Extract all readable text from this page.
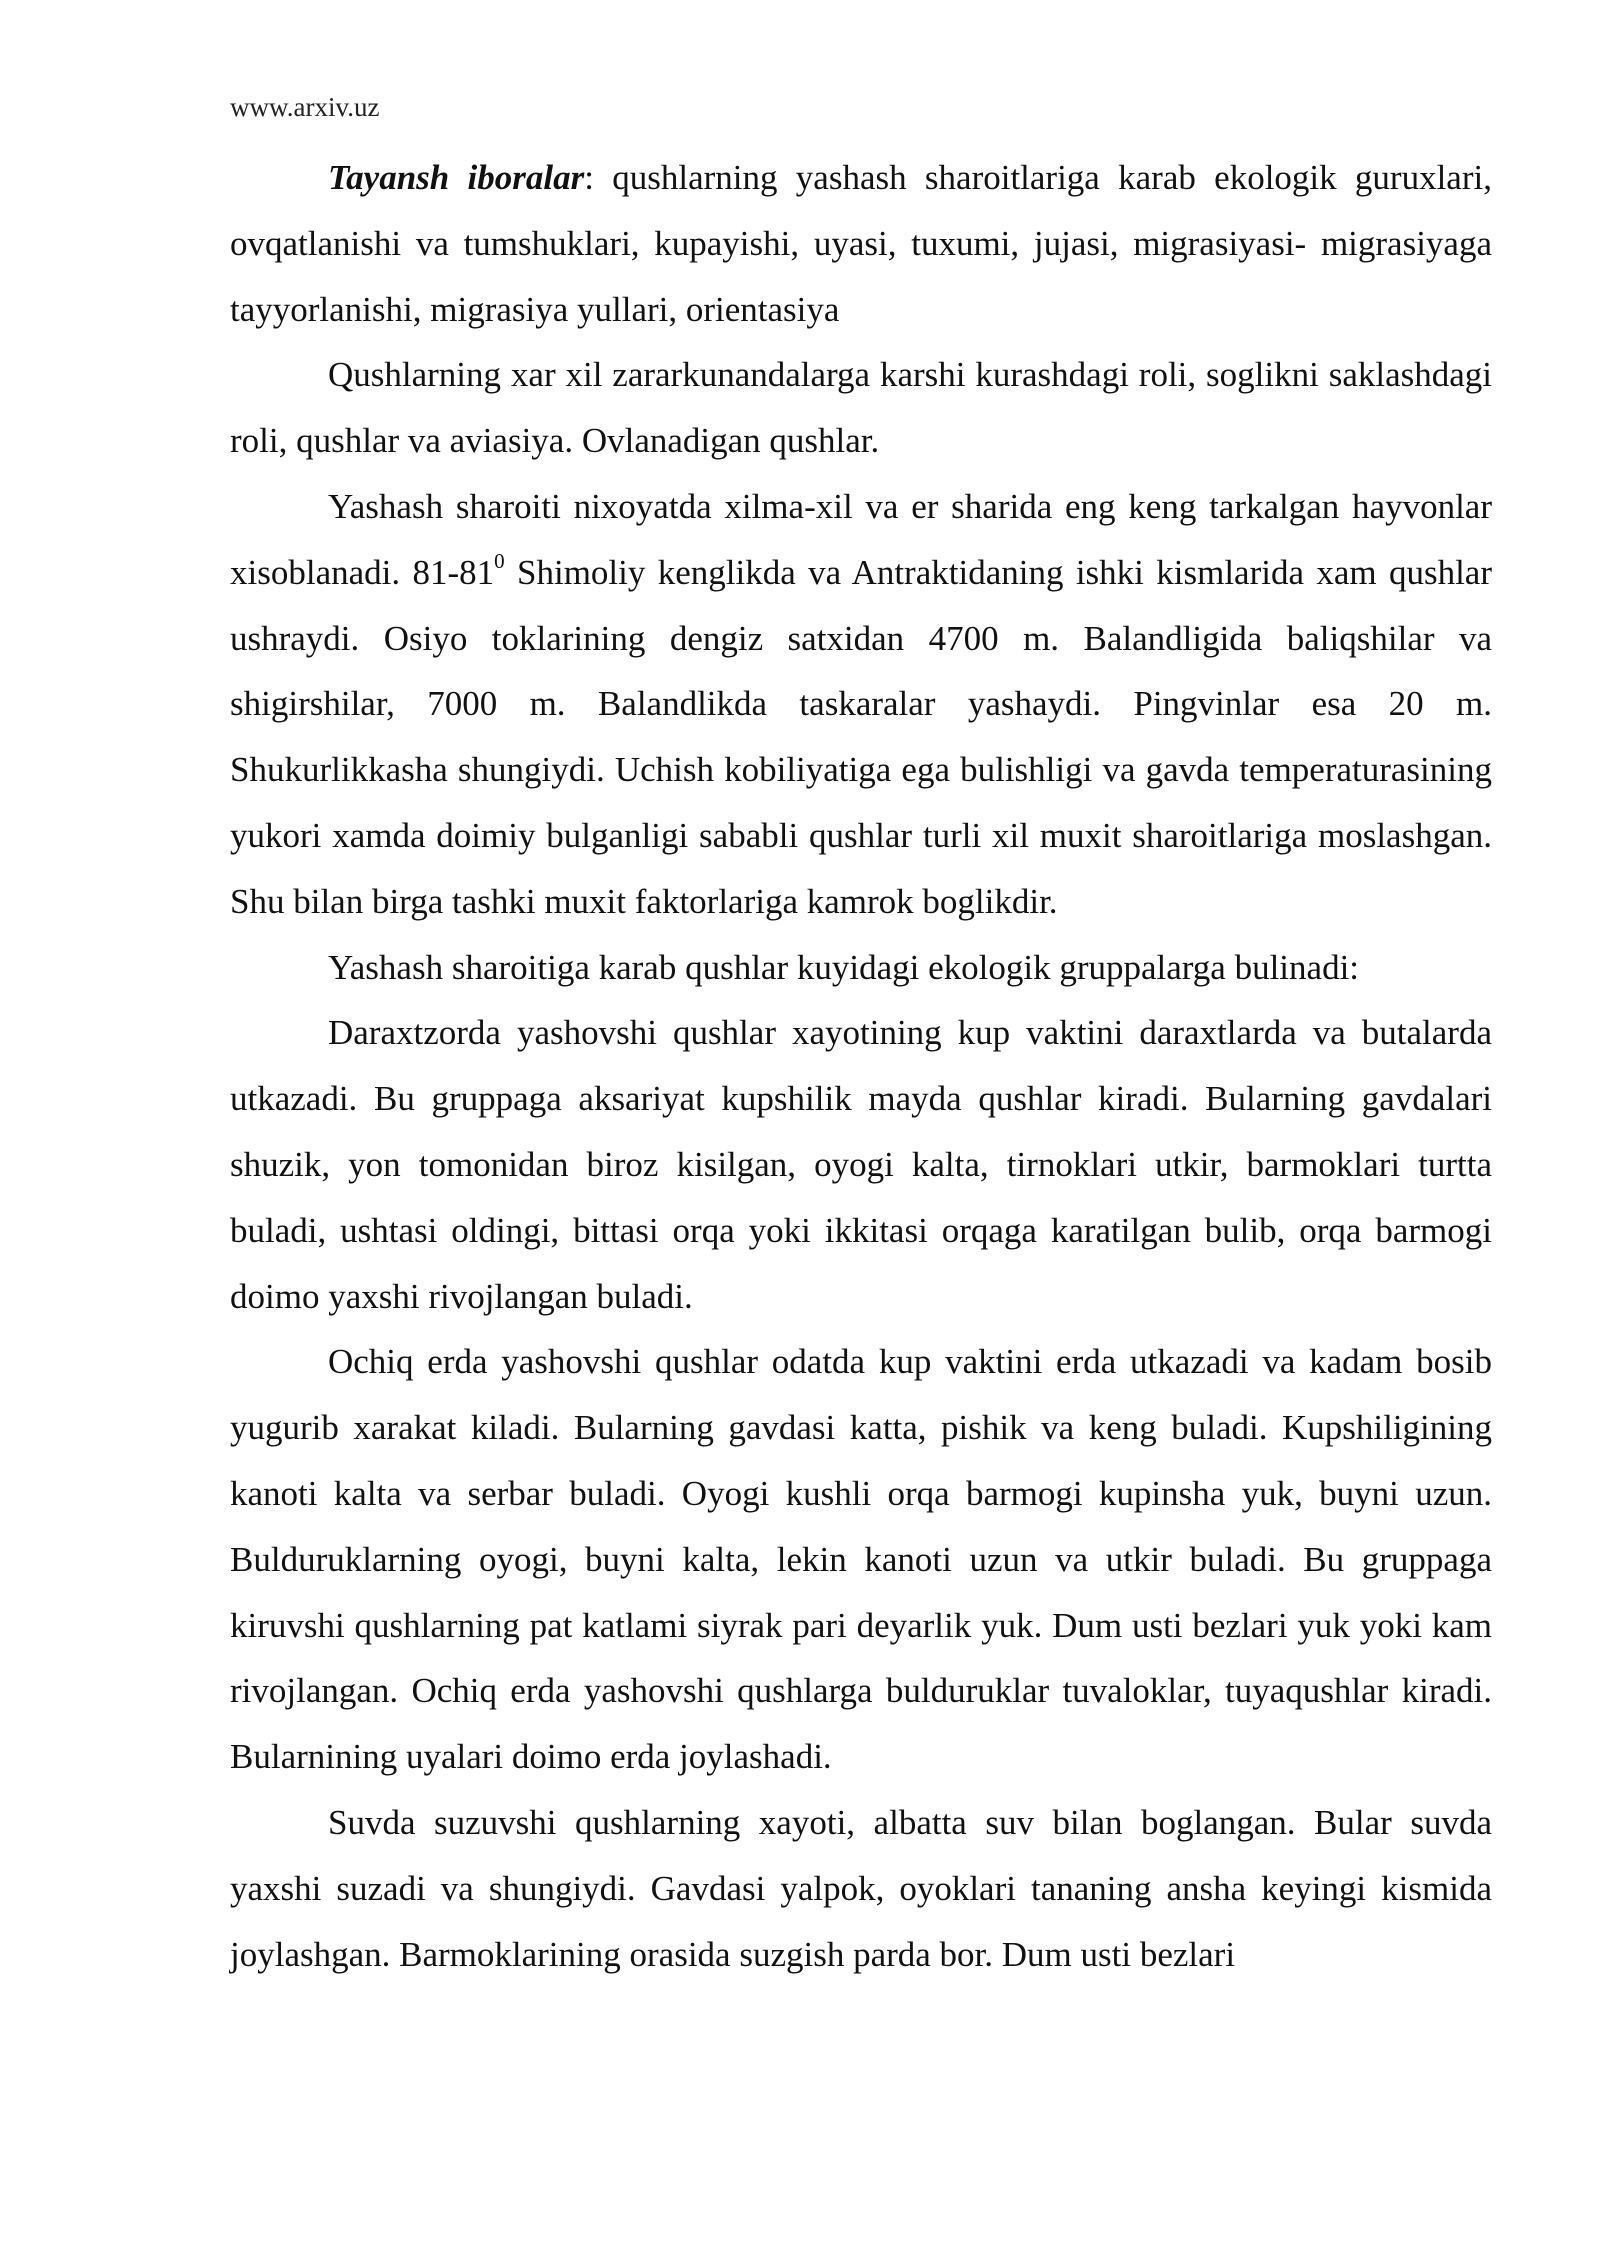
www.arxiv.uz

Tayansh iboralar: qushlarning yashash sharoitlariga karab ekologik guruxlari, ovqatlanishi va tumshuklari, kupayishi, uyasi, tuxumi, jujasi, migrasiyasi- migrasiyaga tayyorlanishi, migrasiya yullari, orientasiya

Qushlarning xar xil zararkunandalarga karshi kurashdagi roli, soglikni saklashdagi roli, qushlar va aviasiya. Ovlanadigan qushlar.

Yashash sharoiti nixoyatda xilma-xil va er sharida eng keng tarkalgan hayvonlar xisoblanadi. $81-81^0$ Shimoliy kenglikda va Antraktidaning ishki kismlarida xam qushlar ushraydi. Osiyo toklarining dengiz satxidan 4700 m. Balandligida baliqshilar va shigirshilar, 7000 m. Balandlikda taskaralar yashaydi. Pingvinlar esa 20 m. Shukurlikkasha shungiydi. Uchish kobiliyatiga ega bulishligi va gavda temperaturasining yukori xamda doimiy bulganligi sababli qushlar turli xil muxit sharoitlariga moslashgan. Shu bilan birga tashki muxit faktorlariga kamrok boglikdir.

Yashash sharoitiga karab qushlar kuyidagi ekologik gruppalarga bulinadi:

Daraxtzorda yashovshi qushlar xayotining kup vaktini daraxtlarda va butalarda utkazadi. Bu gruppaga aksariyat kupshilik mayda qushlar kiradi. Bularning gavdalari shuzik, yon tomonidan biroz kisilgan, oyogi kalta, tirnoklari utkir, barmoklari turtta buladi, ushtasi oldingi, bittasi orqa yoki ikkitasi orqaga karatilgan bulib, orqa barmogi doimo yaxshi rivojlangan buladi.

Ochiq erda yashovshi qushlar odatda kup vaktini erda utkazadi va kadam bosib yugurib xarakat kiladi. Bularning gavdasi katta, pishik va keng buladi. Kupshiligining kanoti kalta va serbar buladi. Oyogi kushli orqa barmogi kupinsha yuk, buyni uzun. Bulduruklarning oyogi, buyni kalta, lekin kanoti uzun va utkir buladi. Bu gruppaga kiruvshi qushlarning pat katlami siyrak pari deyarlik yuk. Dum usti bezlari yuk yoki kam rivojlangan. Ochiq erda yashovshi qushlarga bulduruklar tuvaloklar, tuyaqushlar kiradi. Bularnining uyalari doimo erda joylashadi.

Suvda suzuvshi qushlarning xayoti, albatta suv bilan boglangan. Bular suvda yaxshi suzadi va shungiydi. Gavdasi yalpok, oyoklari tananing ansha keyingi kismida joylashgan. Barmoklarining orasida suzgish parda bor. Dum usti bezlari
